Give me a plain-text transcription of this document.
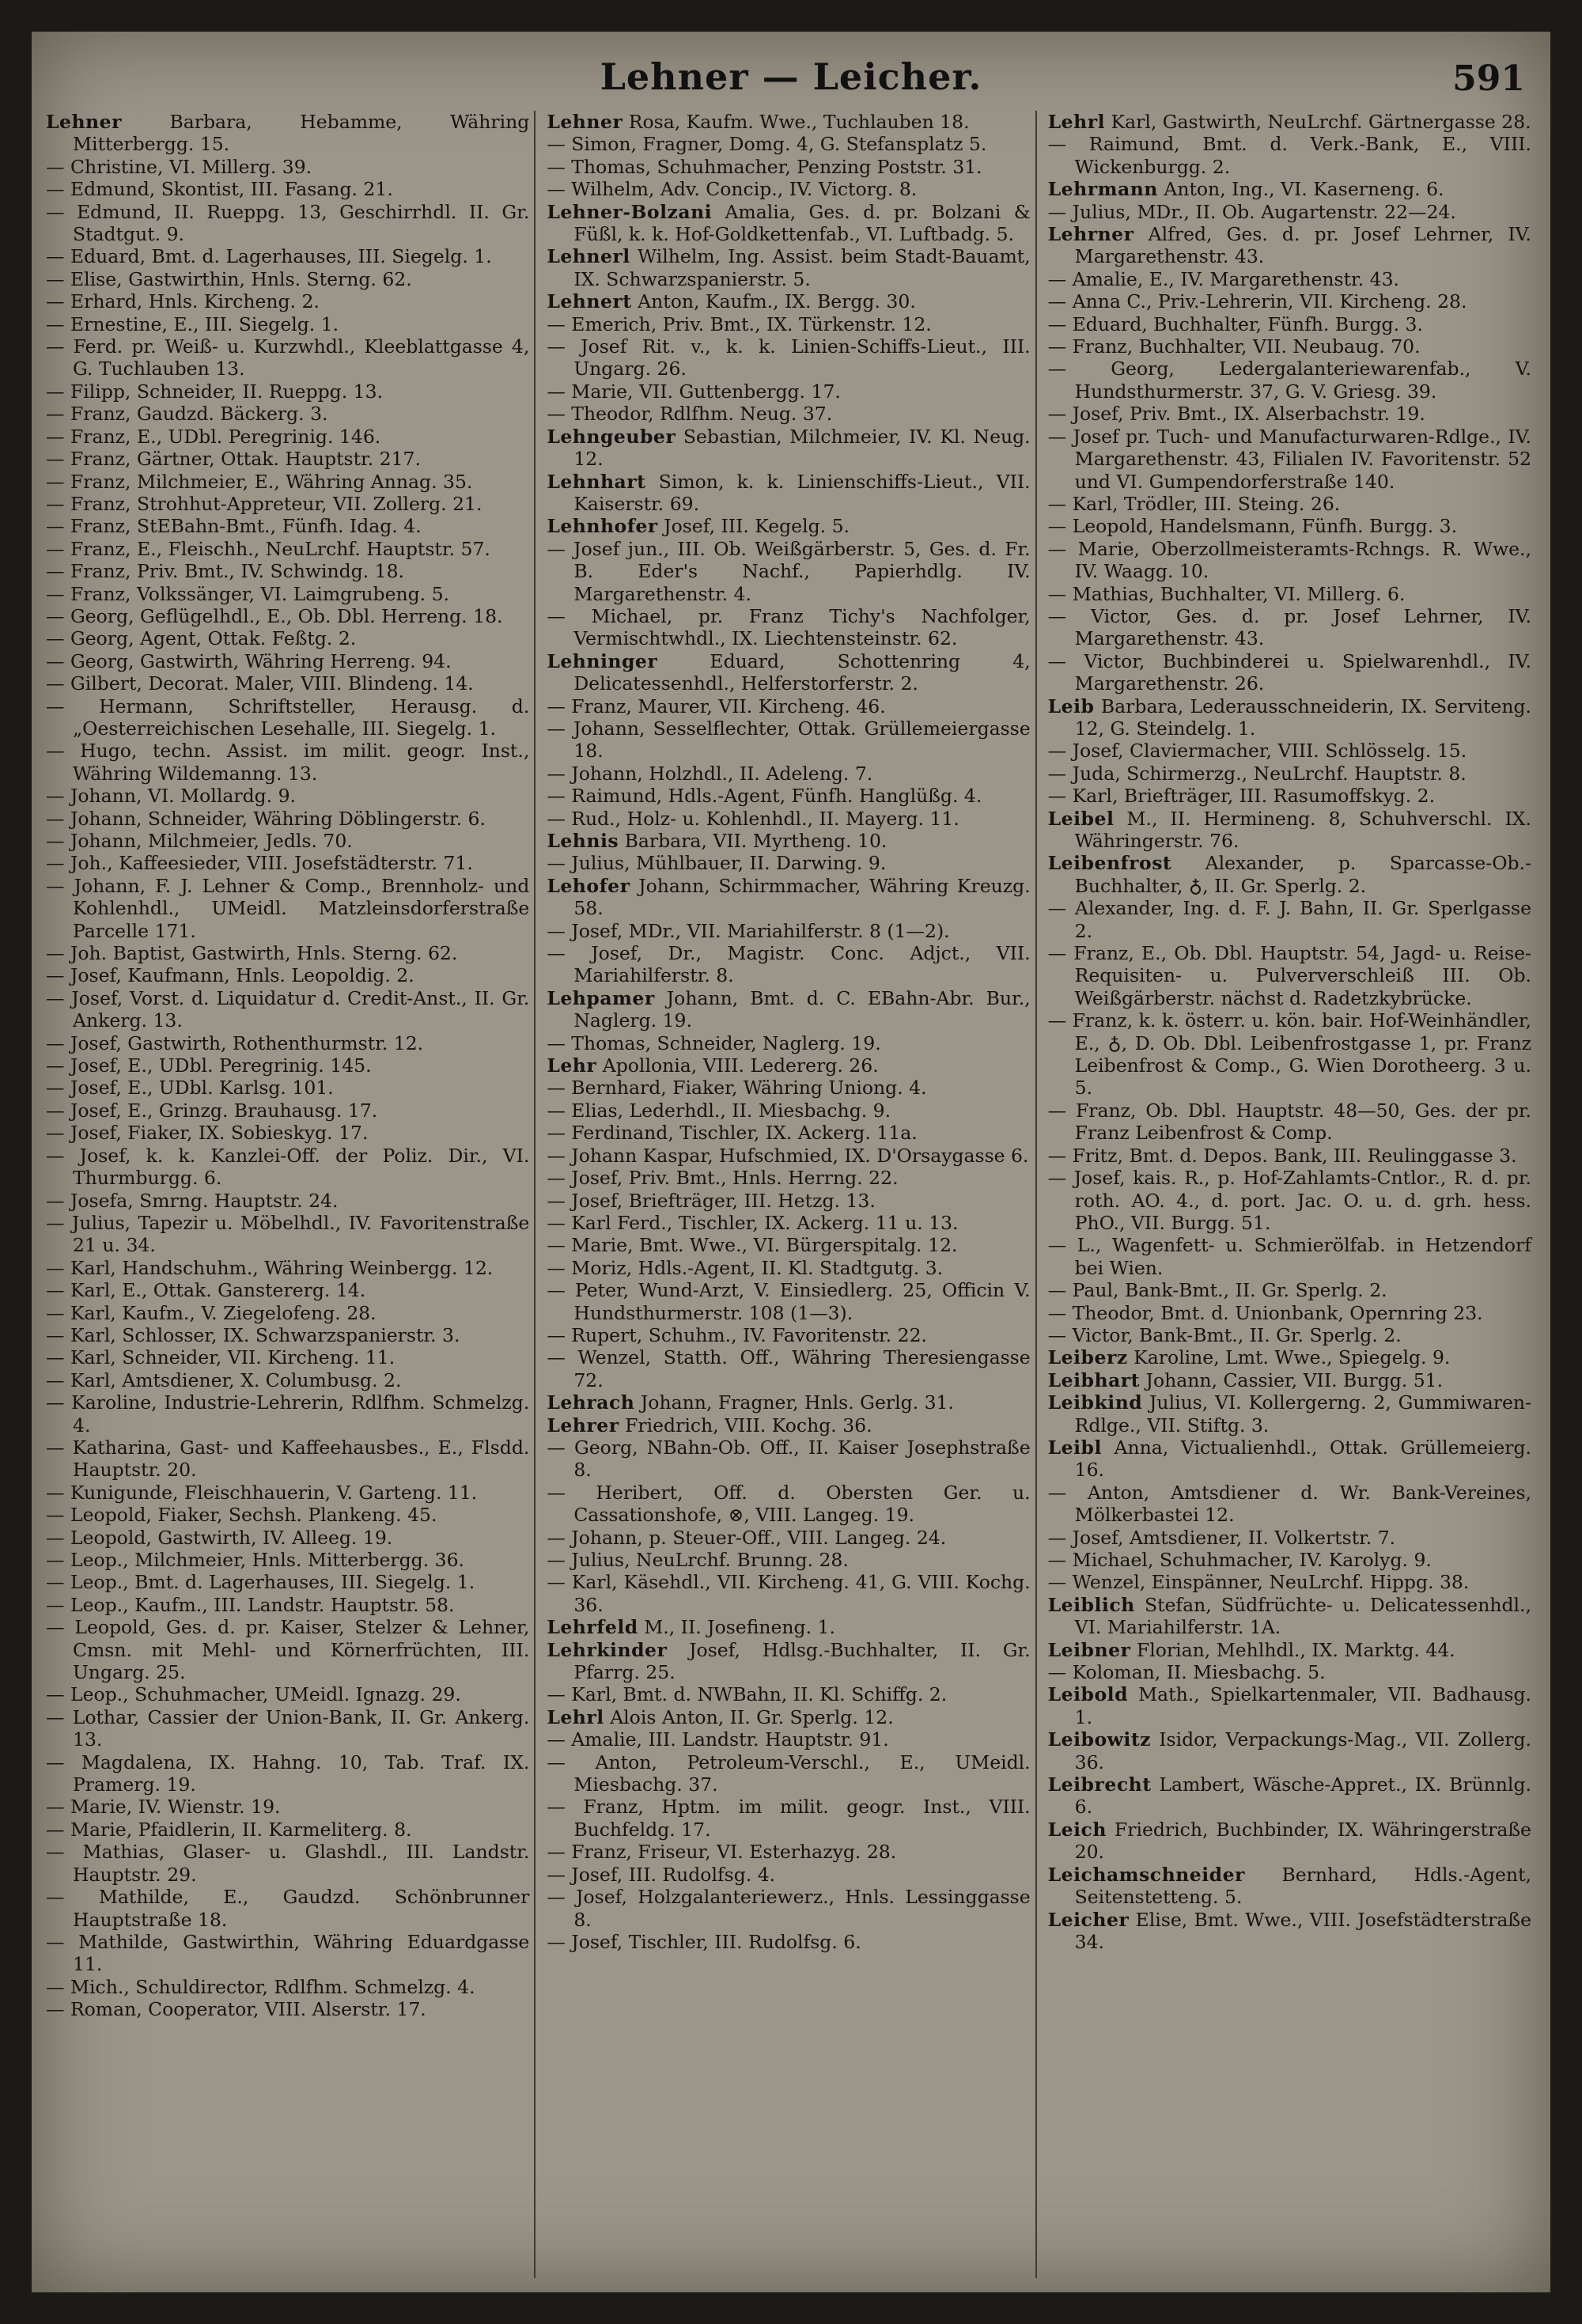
Lehner — Leicher.	591

Lehner	Barbara, Hebamme, Währing Mitterbergg. 15.

— Christine, VI. Millerg. 39.

— Edmund, Skontist, III. Fasang. 21.

— Edmund, II. Rueppg. 13, Geschirrhdl. II. Gr. Stadtgut. 9.

— Eduard, Bmt. d. Lagerhauses, III. Siegelg. 1.

— Elise, Gastwirthin, Hnls. Sterng. 62.

— Erhard, Hnls. Kircheng. 2.

— Ernestine, E., III. Siegelg. 1.

— Ferd. pr. Weiß- u. Kurzwhdl., Kleeblattgasse 4, G. Tuchlauben 13.

— Filipp, Schneider, II. Rueppg. 13.

— Franz, Gaudzd. Bäckerg. 3.

— Franz, E., UDbl. Peregrinig. 146.

— Franz, Gärtner, Ottak. Hauptstr. 217.

— Franz, Milchmeier, E., Währing Annag. 35.

— Franz, Strohhut-Appreteur, VII. Zollerg. 21.

— Franz, StEBahn-Bmt., Fünfh. Idag. 4.

— Franz, E., Fleischh., NeuLrchf. Hauptstr. 57.

— Franz, Priv. Bmt., IV. Schwindg. 18.

— Franz, Volkssänger, VI. Laimgrubeng. 5.

— Georg, Geflügelhdl., E., Ob. Dbl. Herreng. 18.

— Georg, Agent, Ottak. Feßtg. 2.

— Georg, Gastwirth, Währing Herreng. 94.

— Gilbert, Decorat. Maler, VIII. Blindeng. 14.

— Hermann, Schriftsteller, Herausg. d. „Oesterreichischen Lesehalle, III. Siegelg. 1.

— Hugo, techn. Assist. im milit. geogr. Inst., Währing Wildemanng. 13.

— Johann, VI. Mollardg. 9.

— Johann, Schneider, Währing Döblingerstr. 6.

— Johann, Milchmeier, Jedls. 70.

— Joh., Kaffeesieder, VIII. Josefstädterstr. 71.

— Johann, F. J. Lehner & Comp., Brennholz- und Kohlenhdl., UMeidl. Matzleinsdorferstraße Parcelle 171.

— Joh. Baptist, Gastwirth, Hnls. Sterng. 62.

— Josef, Kaufmann, Hnls. Leopoldig. 2.

— Josef, Vorst. d. Liquidatur d. Credit-Anst., II. Gr. Ankerg. 13.

— Josef, Gastwirth, Rothenthurmstr. 12.

— Josef, E., UDbl. Peregrinig. 145.

— Josef, E., UDbl. Karlsg. 101.

— Josef, E., Grinzg. Brauhausg. 17.

— Josef, Fiaker, IX. Sobieskyg. 17.

— Josef, k. k. Kanzlei-Off. der Poliz. Dir., VI. Thurmburgg. 6.

— Josefa, Smrng. Hauptstr. 24.

— Julius, Tapezir u. Möbelhdl., IV. Favoritenstraße 21 u. 34.

— Karl, Handschuhm., Währing Weinbergg. 12.

— Karl, E., Ottak. Ganstererg. 14.

— Karl, Kaufm., V. Ziegelofeng. 28.

— Karl, Schlosser, IX. Schwarzspanierstr. 3.

— Karl, Schneider, VII. Kircheng. 11.

— Karl, Amtsdiener, X. Columbusg. 2.

— Karoline, Industrie-Lehrerin, Rdlfhm. Schmelzg. 4.

— Katharina, Gast- und Kaffeehausbes., E., Flsdd. Hauptstr. 20.

— Kunigunde, Fleischhauerin, V. Garteng. 11.

— Leopold, Fiaker, Sechsh. Plankeng. 45.

— Leopold, Gastwirth, IV. Alleeg. 19.

— Leop., Milchmeier, Hnls. Mitterbergg. 36.

— Leop., Bmt. d. Lagerhauses, III. Siegelg. 1.

— Leop., Kaufm., III. Landstr. Hauptstr. 58.

— Leopold, Ges. d. pr. Kaiser, Stelzer & Lehner, Cmsn. mit Mehl- und Körnerfrüchten, III. Ungarg. 25.

— Leop., Schuhmacher, UMeidl. Ignazg. 29.

— Lothar, Cassier der Union-Bank, II. Gr. Ankerg. 13.

— Magdalena, IX. Hahng. 10, Tab. Traf. IX. Pramerg. 19.

— Marie, IV. Wienstr. 19.

— Marie, Pfaidlerin, II. Karmeliterg. 8.

— Mathias, Glaser- u. Glashdl., III. Landstr. Hauptstr. 29.

— Mathilde, E., Gaudzd. Schönbrunner Hauptstraße 18.

— Mathilde, Gastwirthin, Währing Eduardgasse 11.

— Mich., Schuldirector, Rdlfhm. Schmelzg. 4.

— Roman, Cooperator, VIII. Alserstr. 17.

Lehner Rosa, Kaufm. Wwe., Tuchlauben 18.

— Simon, Fragner, Domg. 4, G. Stefansplatz 5.

— Thomas, Schuhmacher, Penzing Poststr. 31.

— Wilhelm, Adv. Concip., IV. Victorg. 8.

Lehner-Bolzani Amalia, Ges. d. pr. Bolzani & Füßl, k. k. Hof-Goldkettenfab., VI. Luftbadg. 5.

Lehnerl Wilhelm, Ing. Assist. beim Stadt-Bauamt, IX. Schwarzspanierstr. 5.

Lehnert Anton, Kaufm., IX. Bergg. 30.

— Emerich, Priv. Bmt., IX. Türkenstr. 12.

— Josef Rit. v., k. k. Linien-Schiffs-Lieut., III. Ungarg. 26.

— Marie, VII. Guttenbergg. 17.

— Theodor, Rdlfhm. Neug. 37.

Lehngeuber Sebastian, Milchmeier, IV. Kl. Neug. 12.

Lehnhart Simon, k. k. Linienschiffs-Lieut., VII. Kaiserstr. 69.

Lehnhofer Josef, III. Kegelg. 5.

— Josef jun., III. Ob. Weißgärberstr. 5, Ges. d. Fr. B. Eder's Nachf., Papierhdlg. IV. Margarethenstr. 4.

— Michael, pr. Franz Tichy's Nachfolger, Vermischtwhdl., IX. Liechtensteinstr. 62.

Lehninger	Eduard, Schottenring 4, Delicatessenhdl., Helferstorferstr. 2.

— Franz, Maurer, VII. Kircheng. 46.

— Johann, Sesselflechter, Ottak. Grüllemeiergasse 18.

— Johann, Holzhdl., II. Adeleng. 7.

— Raimund, Hdls.-Agent, Fünfh. Hanglüßg. 4.

— Rud., Holz- u. Kohlenhdl., II. Mayerg. 11.

Lehnis Barbara, VII. Myrtheng. 10.

— Julius, Mühlbauer, II. Darwing. 9.

Lehofer Johann, Schirmmacher, Währing Kreuzg. 58.

— Josef, MDr., VII. Mariahilferstr. 8 (1—2).

— Josef, Dr., Magistr. Conc. Adjct., VII. Mariahilferstr. 8.

Lehpamer Johann, Bmt. d. C. EBahn-Abr. Bur., Naglerg. 19.

— Thomas, Schneider, Naglerg. 19.

Lehr Apollonia, VIII. Ledererg. 26.

— Bernhard, Fiaker, Währing Uniong. 4.

— Elias, Lederhdl., II. Miesbachg. 9.

— Ferdinand, Tischler, IX. Ackerg. 11a.

— Johann Kaspar, Hufschmied, IX. D'Orsaygasse 6.

— Josef, Priv. Bmt., Hnls. Herrng. 22.

— Josef, Briefträger, III. Hetzg. 13.

— Karl Ferd., Tischler, IX. Ackerg. 11 u. 13.

— Marie, Bmt. Wwe., VI. Bürgerspitalg. 12.

— Moriz, Hdls.-Agent, II. Kl. Stadtgutg. 3.

— Peter, Wund-Arzt, V. Einsiedlerg. 25, Officin V. Hundsthurmerstr. 108 (1—3).

— Rupert, Schuhm., IV. Favoritenstr. 22.

— Wenzel, Statth. Off., Währing Theresiengasse 72.

Lehrach Johann, Fragner, Hnls. Gerlg. 31.

Lehrer Friedrich, VIII. Kochg. 36.

— Georg, NBahn-Ob. Off., II. Kaiser Josephstraße 8.

— Heribert, Off. d. Obersten Ger. u. Cassationshofe, ⊗, VIII. Langeg. 19.

— Johann, p. Steuer-Off., VIII. Langeg. 24.

— Julius, NeuLrchf. Brunng. 28.

— Karl, Käsehdl., VII. Kircheng. 41, G. VIII. Kochg. 36.

Lehrfeld M., II. Josefineng. 1.

Lehrkinder Josef, Hdlsg.-Buchhalter, II. Gr. Pfarrg. 25.

— Karl, Bmt. d. NWBahn, II. Kl. Schiffg. 2.

Lehrl Alois Anton, II. Gr. Sperlg. 12.

— Amalie, III. Landstr. Hauptstr. 91.

— Anton, Petroleum-Verschl., E., UMeidl. Miesbachg. 37.

— Franz, Hptm. im milit. geogr. Inst., VIII. Buchfeldg. 17.

— Franz, Friseur, VI. Esterhazyg. 28.

— Josef, III. Rudolfsg. 4.

— Josef, Holzgalanteriewerz., Hnls. Lessinggasse 8.

— Josef, Tischler, III. Rudolfsg. 6.

Lehrl Karl, Gastwirth, NeuLrchf. Gärtnergasse 28.

— Raimund, Bmt. d. Verk.-Bank, E., VIII. Wickenburgg. 2.

Lehrmann Anton, Ing., VI. Kaserneng. 6.

— Julius, MDr., II. Ob. Augartenstr. 22—24.

Lehrner Alfred, Ges. d. pr. Josef Lehrner, IV. Margarethenstr. 43.

— Amalie, E., IV. Margarethenstr. 43.

— Anna C., Priv.-Lehrerin, VII. Kircheng. 28.

— Eduard, Buchhalter, Fünfh. Burgg. 3.

— Franz, Buchhalter, VII. Neubaug. 70.

— Georg, Ledergalanteriewarenfab., V. Hundsthurmerstr. 37, G. V. Griesg. 39.

— Josef, Priv. Bmt., IX. Alserbachstr. 19.

— Josef pr. Tuch- und Manufacturwaren-Rdlge., IV. Margarethenstr. 43, Filialen IV. Favoritenstr. 52 und VI. Gumpendorferstraße 140.

— Karl, Trödler, III. Steing. 26.

— Leopold, Handelsmann, Fünfh. Burgg. 3.

— Marie, Oberzollmeisteramts-Rchngs. R. Wwe., IV. Waagg. 10.

— Mathias, Buchhalter, VI. Millerg. 6.

— Victor, Ges. d. pr. Josef Lehrner, IV. Margarethenstr. 43.

— Victor, Buchbinderei u. Spielwarenhdl., IV. Margarethenstr. 26.

Leib Barbara, Lederausschneiderin, IX. Serviteng. 12, G. Steindelg. 1.

— Josef, Claviermacher, VIII. Schlösselg. 15.

— Juda, Schirmerzg., NeuLrchf. Hauptstr. 8.

— Karl, Briefträger, III. Rasumoffskyg. 2.

Leibel M., II. Hermineng. 8, Schuhverschl. IX. Währingerstr. 76.

Leibenfrost Alexander, p. Sparcasse-Ob.-Buchhalter, ♁, II. Gr. Sperlg. 2.

— Alexander, Ing. d. F. J. Bahn, II. Gr. Sperlgasse 2.

— Franz, E., Ob. Dbl. Hauptstr. 54, Jagd- u. Reise-Requisiten- u. Pulververschleiß III. Ob. Weißgärberstr. nächst d. Radetzkybrücke.

— Franz, k. k. österr. u. kön. bair. Hof-Weinhändler, E., ♁, D. Ob. Dbl. Leibenfrostgasse 1, pr. Franz Leibenfrost & Comp., G. Wien Dorotheerg. 3 u. 5.

— Franz, Ob. Dbl. Hauptstr. 48—50, Ges. der pr. Franz Leibenfrost & Comp.

— Fritz, Bmt. d. Depos. Bank, III. Reulinggasse 3.

— Josef, kais. R., p. Hof-Zahlamts-Cntlor., R. d. pr. roth. AO. 4., d. port. Jac. O. u. d. grh. hess. PhO., VII. Burgg. 51.

— L., Wagenfett- u. Schmierölfab. in Hetzendorf bei Wien.

— Paul, Bank-Bmt., II. Gr. Sperlg. 2.

— Theodor, Bmt. d. Unionbank, Opernring 23.

— Victor, Bank-Bmt., II. Gr. Sperlg. 2.

Leiberz Karoline, Lmt. Wwe., Spiegelg. 9.

Leibhart Johann, Cassier, VII. Burgg. 51.

Leibkind Julius, VI. Kollergerng. 2, Gummiwaren-Rdlge., VII. Stiftg. 3.

Leibl Anna, Victualienhdl., Ottak. Grüllemeierg. 16.

— Anton, Amtsdiener d. Wr. Bank-Vereines, Mölkerbastei 12.

— Josef, Amtsdiener, II. Volkertstr. 7.

— Michael, Schuhmacher, IV. Karolyg. 9.

— Wenzel, Einspänner, NeuLrchf. Hippg. 38.

Leiblich Stefan, Südfrüchte- u. Delicatessenhdl., VI. Mariahilferstr. 1A.

Leibner Florian, Mehlhdl., IX. Marktg. 44.

— Koloman, II. Miesbachg. 5.

Leibold Math., Spielkartenmaler, VII. Badhausg. 1.

Leibowitz Isidor, Verpackungs-Mag., VII. Zollerg. 36.

Leibrecht Lambert, Wäsche-Appret., IX. Brünnlg. 6.

Leich Friedrich, Buchbinder, IX. Währingerstraße 20.

Leichamschneider Bernhard, Hdls.-Agent, Seitenstetteng. 5.

Leicher Elise, Bmt. Wwe., VIII. Josefstädterstraße 34.
